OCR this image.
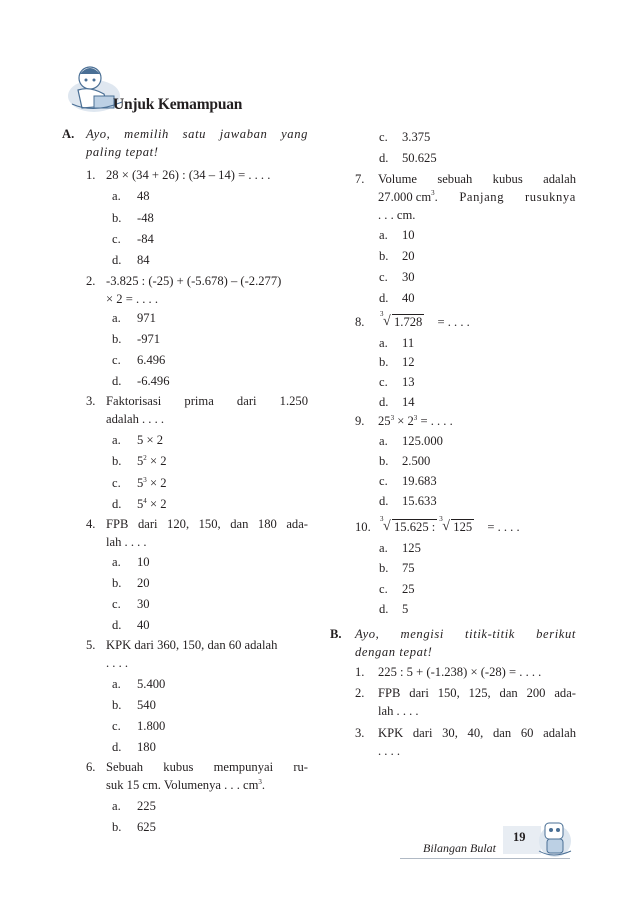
Unjuk Kemampuan
A. Ayo, memilih satu jawaban yang
paling tepat!
1. 28 × (34 + 26) : (34 – 14) = . . . .
a. 48
b. -48
c. -84
d. 84
2. -3.825 : (-25) + (-5.678) – (-2.277)
× 2 = . . . .
a. 971
b. -971
c. 6.496
d. -6.496
3. Faktorisasi prima dari 1.250
adalah . . . .
a. 5 × 2
b. $5^2 \times 2$
c. $5^3 \times 2$
d. $5^4 \times 2$
4. FPB dari 120, 150, dan 180 ada-
lah . . . .
a. 10
b. 20
c. 30
d. 40
5. KPK dari 360, 150, dan 60 adalah
. . . .
a. 5.400
b. 540
c. 1.800
d. 180
6. Sebuah kubus mempunyai ru-
suk 15 cm. Volumenya . . . $cm^3$.
a. 225
b. 625
c. 3.375
d. 50.625
7. Volume sebuah kubus adalah
27.000 cm 3 . Panjang rusuknya
. . . cm.
a. 10
b. 20
c. 30
d. 40
8.
3 √ 1.728 = . . . .
a. 11
b. 12
c. 13
d. 14
9. $25^3 \times 2^3$ = . . . .
a. 125.000
b. 2.500
c. 19.683
d. 15.633
10.
3 √ 15.625 :
3 √ 125 = . . . .
a. 125
b. 75
c. 25
d. 5
B. Ayo, mengisi titik-titik berikut
dengan tepat!
1. 225 : 5 + (-1.238) × (-28) = . . . .
2. FPB dari 150, 125, dan 200 ada-
lah . . . .
3. KPK dari 30, 40, dan 60 adalah
. . . .
Bilangan Bulat
19
